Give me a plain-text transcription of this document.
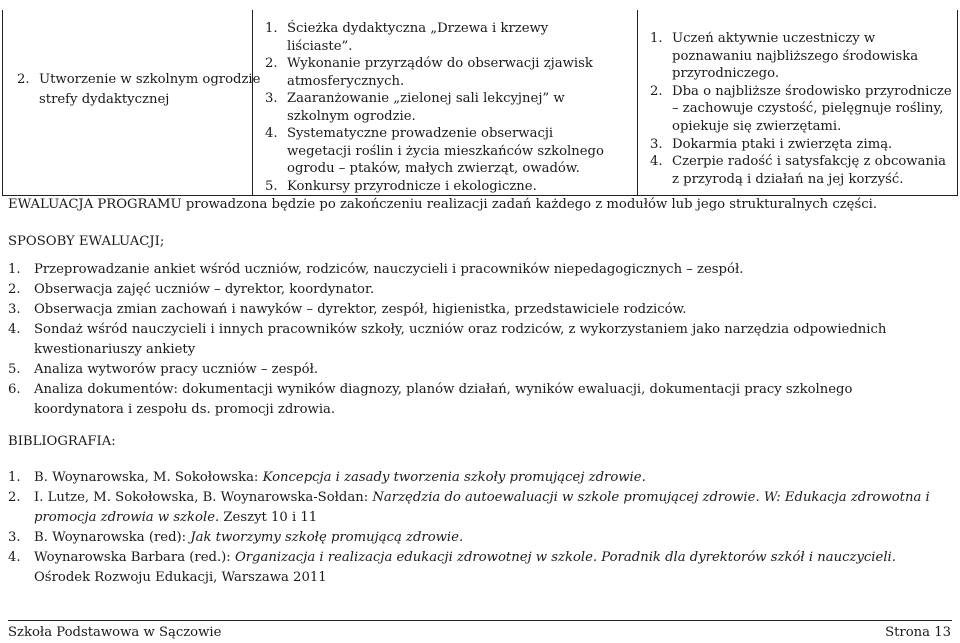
2. Utworzenie w szkolnym ogrodzie strefy dydaktycznej
1. Ścieżka dydaktyczna „Drzewa i krzewy liściaste”.
2. Wykonanie przyrządów do obserwacji zjawisk atmosferycznych.
3. Zaaranżowanie „zielonej sali lekcyjnej” w szkolnym ogrodzie.
4. Systematyczne prowadzenie obserwacji wegetacji roślin i życia mieszkańców szkolnego ogrodu – ptaków, małych zwierząt, owadów.
5. Konkursy przyrodnicze i ekologiczne.
1. Uczeń aktywnie uczestniczy w poznawaniu najbliższego środowiska przyrodniczego.
2. Dba o najbliższe środowisko przyrodnicze – zachowuje czystość, pielęgnuje rośliny, opiekuje się zwierzętami.
3. Dokarmia ptaki i zwierzęta zimą.
4. Czerpie radość i satysfakcję z obcowania z przyrodą i działań na jej korzyść.
EWALUACJA PROGRAMU prowadzona będzie po zakończeniu realizacji zadań każdego z modułów lub jego strukturalnych części.
SPOSOBY EWALUACJI;
1. Przeprowadzanie ankiet wśród uczniów, rodziców, nauczycieli i pracowników niepedagogicznych – zespół.
2. Obserwacja zajęć uczniów – dyrektor, koordynator.
3. Obserwacja zmian zachowań i nawyków – dyrektor, zespół, higienistka, przedstawiciele rodziców.
4. Sondaż wśród nauczycieli i innych pracowników szkoły, uczniów oraz rodziców, z wykorzystaniem jako narzędzia odpowiednich kwestionariuszy ankiety
5. Analiza wytworów pracy uczniów – zespół.
6. Analiza dokumentów: dokumentacji wyników diagnozy, planów działań, wyników ewaluacji, dokumentacji pracy szkolnego koordynatora i zespołu ds. promocji zdrowia.
BIBLIOGRAFIA:
1. B. Woynarowska, M. Sokołowska: Koncepcja i zasady tworzenia szkoły promującej zdrowie.
2. I. Lutze, M. Sokołowska, B. Woynarowska-Sołdan: Narzędzia do autoewaluacji w szkole promującej zdrowie. W: Edukacja zdrowotna i promocja zdrowia w szkole. Zeszyt 10 i 11
3. B. Woynarowska (red): Jak tworzymy szkołę promującą zdrowie.
4. Woynarowska Barbara (red.): Organizacja i realizacja edukacji zdrowotnej w szkole. Poradnik dla dyrektorów szkół i nauczycieli. Ośrodek Rozwoju Edukacji, Warszawa 2011
Szkoła Podstawowa w Sączowie	Strona 13
